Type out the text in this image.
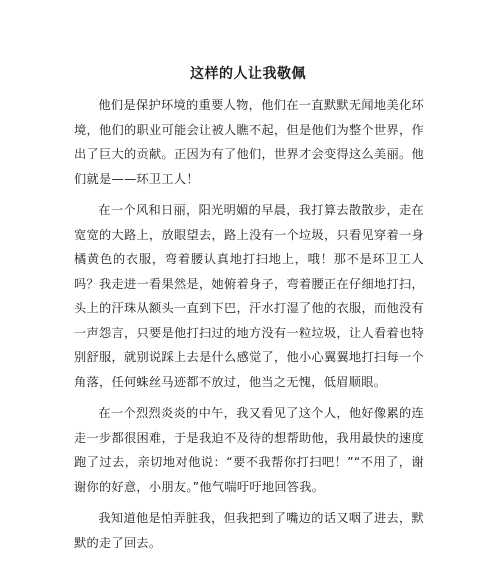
这样的人让我敬佩

他们是保护环境的重要人物，他们在一直默默无闻地美化环境，他们的职业可能会让被人瞧不起，但是他们为整个世界，作出了巨大的贡献。正因为有了他们，世界才会变得这么美丽。他们就是——环卫工人！

在一个风和日丽，阳光明媚的早晨，我打算去散散步，走在宽宽的大路上，放眼望去，路上没有一个垃圾，只看见穿着一身橘黄色的衣服，弯着腰认真地打扫地上，哦！那不是环卫工人吗？我走进一看果然是，她俯着身子，弯着腰正在仔细地打扫，头上的汗珠从额头一直到下巴，汗水打湿了他的衣服，而他没有一声怨言，只要是他打扫过的地方没有一粒垃圾，让人看着也特别舒服，就别说踩上去是什么感觉了，他小心翼翼地打扫每一个角落，任何蛛丝马迹都不放过，他当之无愧，低眉顺眼。

在一个烈烈炎炎的中午，我又看见了这个人，他好像累的连走一步都很困难，于是我迫不及待的想帮助他，我用最快的速度跑了过去，亲切地对他说：“要不我帮你打扫吧！”“不用了，谢谢你的好意，小朋友。”他气喘吁吁地回答我。

我知道他是怕弄脏我，但我把到了嘴边的话又咽了进去，默默的走了回去。
